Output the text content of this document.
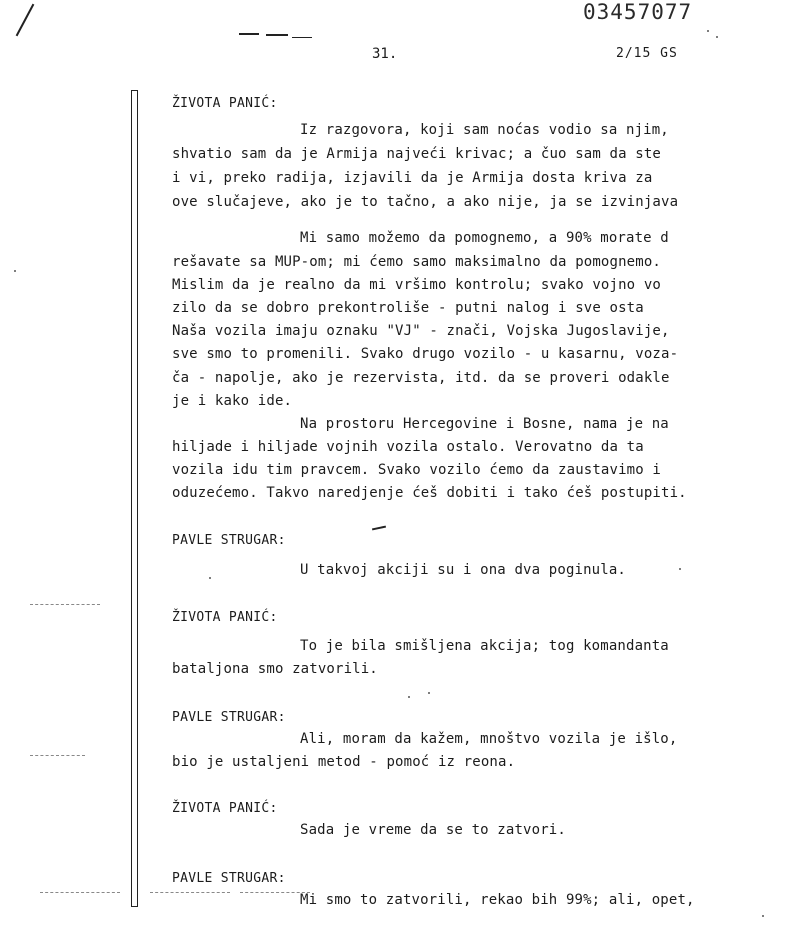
03457077
31.	2/15 GS
ŽIVOTA PANIĆ:
PAVLE STRUGAR:
ŽIVOTA PANIĆ:
PAVLE STRUGAR:
ŽIVOTA PANIĆ:
PAVLE STRUGAR:
Iz razgovora, koji sam noćas vodio sa njim,
shvatio sam da je Armija najveći krivac; a čuo sam da ste
i vi, preko radija, izjavili da je Armija dosta kriva za
ove slučajeve, ako je to tačno, a ako nije, ja se izvinjava
Mi samo možemo da pomognemo, a 90% morate d
rešavate sa MUP-om; mi ćemo samo maksimalno da pomognemo.
Mislim da je realno da mi vršimo kontrolu; svako vojno vo
zilo da se dobro prekontroliše - putni nalog i sve osta
Naša vozila imaju oznaku "VJ" - znači, Vojska Jugoslavije,
sve smo to promenili. Svako drugo vozilo - u kasarnu, voza-
ča - napolje, ako je rezervista, itd. da se proveri odakle
je i kako ide.
Na prostoru Hercegovine i Bosne, nama je na
hiljade i hiljade vojnih vozila ostalo. Verovatno da ta
vozila idu tim pravcem. Svako vozilo ćemo da zaustavimo i
oduzećemo. Takvo naredjenje ćeš dobiti i tako ćeš postupiti.
U takvoj akciji su i ona dva poginula.
To je bila smišljena akcija; tog komandanta
bataljona smo zatvorili.
Ali, moram da kažem, mnoštvo vozila je išlo,
bio je ustaljeni metod - pomoć iz reona.
Sada je vreme da se to zatvori.
Mi smo to zatvorili, rekao bih 99%; ali, opet,
